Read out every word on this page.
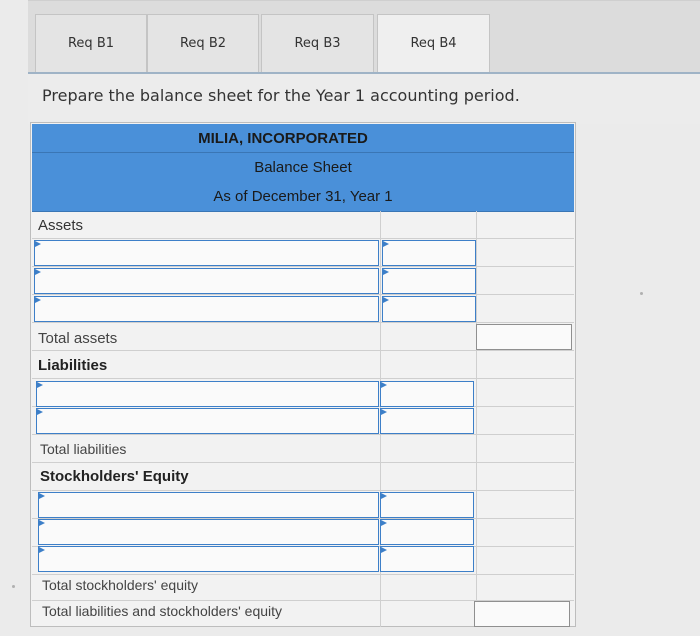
Req B1	Req B2	Req B3	Req B4
Prepare the balance sheet for the Year 1 accounting period.
MILIA, INCORPORATED
Balance Sheet
As of December 31, Year 1
Assets
Total assets
Liabilities
Total liabilities
Stockholders' Equity
Total stockholders' equity
Total liabilities and stockholders' equity
